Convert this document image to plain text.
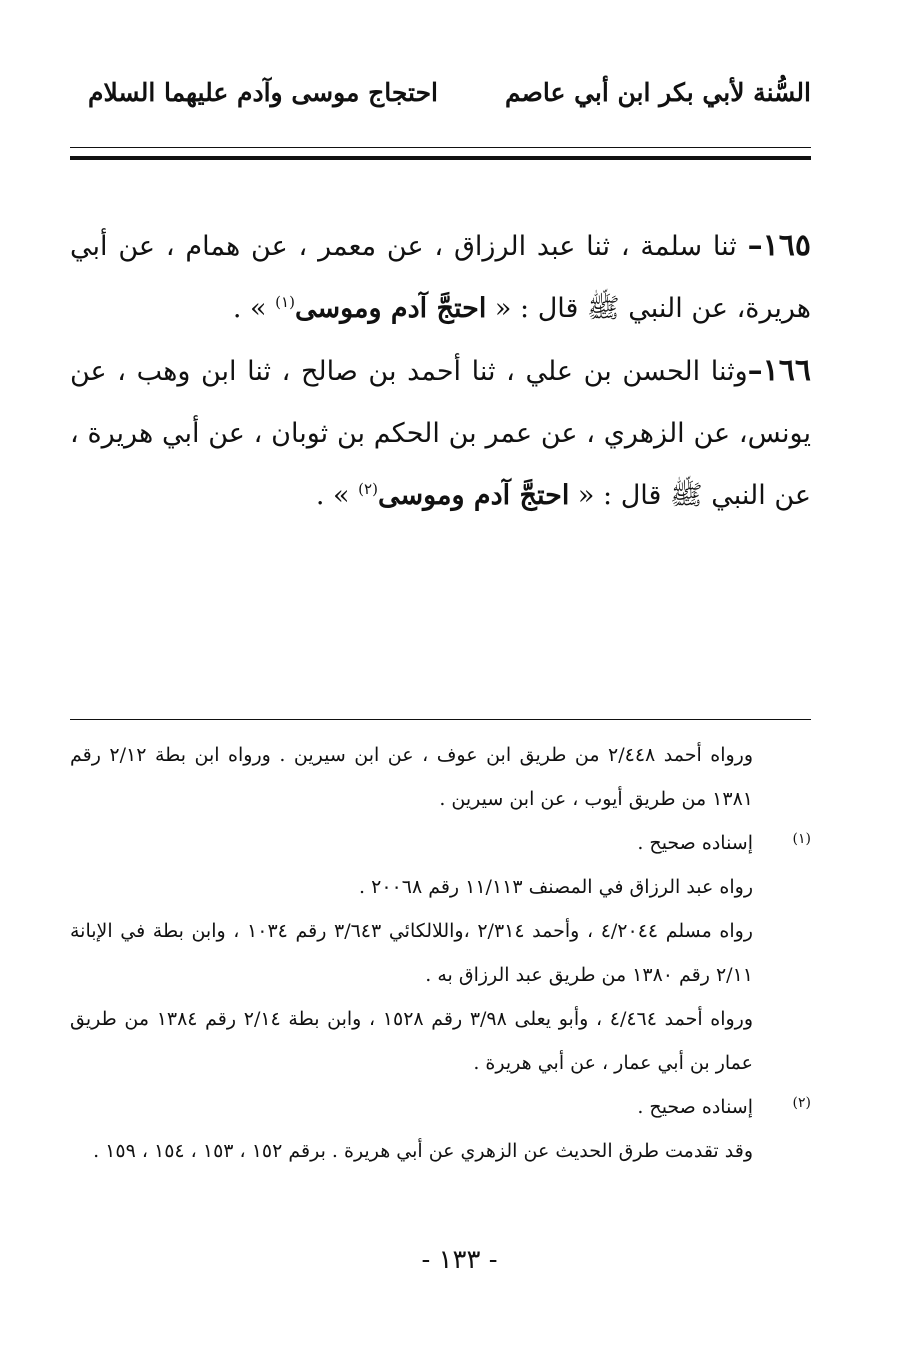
السُّنة لأبي بكر ابن أبي عاصم
احتجاج موسى وآدم عليهما السلام

١٦٥– ثنا سلمة ، ثنا عبد الرزاق ، عن معمر ، عن همام ، عن أبي هريرة، عن النبي ﷺ قال : « احتجَّ آدم وموسى$^{(١)}$ » .

١٦٦–وثنا الحسن بن علي ، ثنا أحمد بن صالح ، ثنا ابن وهب ، عن يونس، عن الزهري ، عن عمر بن الحكم بن ثوبان ، عن أبي هريرة ، عن النبي ﷺ قال : « احتجَّ آدم وموسى$^{(٢)}$ » .

ورواه أحمد ٢/٤٤٨ من طريق ابن عوف ، عن ابن سيرين . ورواه ابن بطة ٢/١٢ رقم ١٣٨١ من طريق أيوب ، عن ابن سيرين .

(١)
إسناده صحيح .

رواه عبد الرزاق في المصنف ١١/١١٣ رقم ٢٠٠٦٨ .

رواه مسلم ٤/٢٠٤٤ ، وأحمد ٢/٣١٤ ،واللالكائي ٣/٦٤٣ رقم ١٠٣٤ ، وابن بطة في الإبانة ٢/١١ رقم ١٣٨٠ من طريق عبد الرزاق به .

ورواه أحمد ٤/٤٦٤ ، وأبو يعلى ٣/٩٨ رقم ١٥٢٨ ، وابن بطة ٢/١٤ رقم ١٣٨٤ من طريق عمار بن أبي عمار ، عن أبي هريرة .

(٢)
إسناده صحيح .

وقد تقدمت طرق الحديث عن الزهري عن أبي هريرة . برقم ١٥٢ ، ١٥٣ ، ١٥٤ ، ١٥٩ .

- ١٣٣ -
